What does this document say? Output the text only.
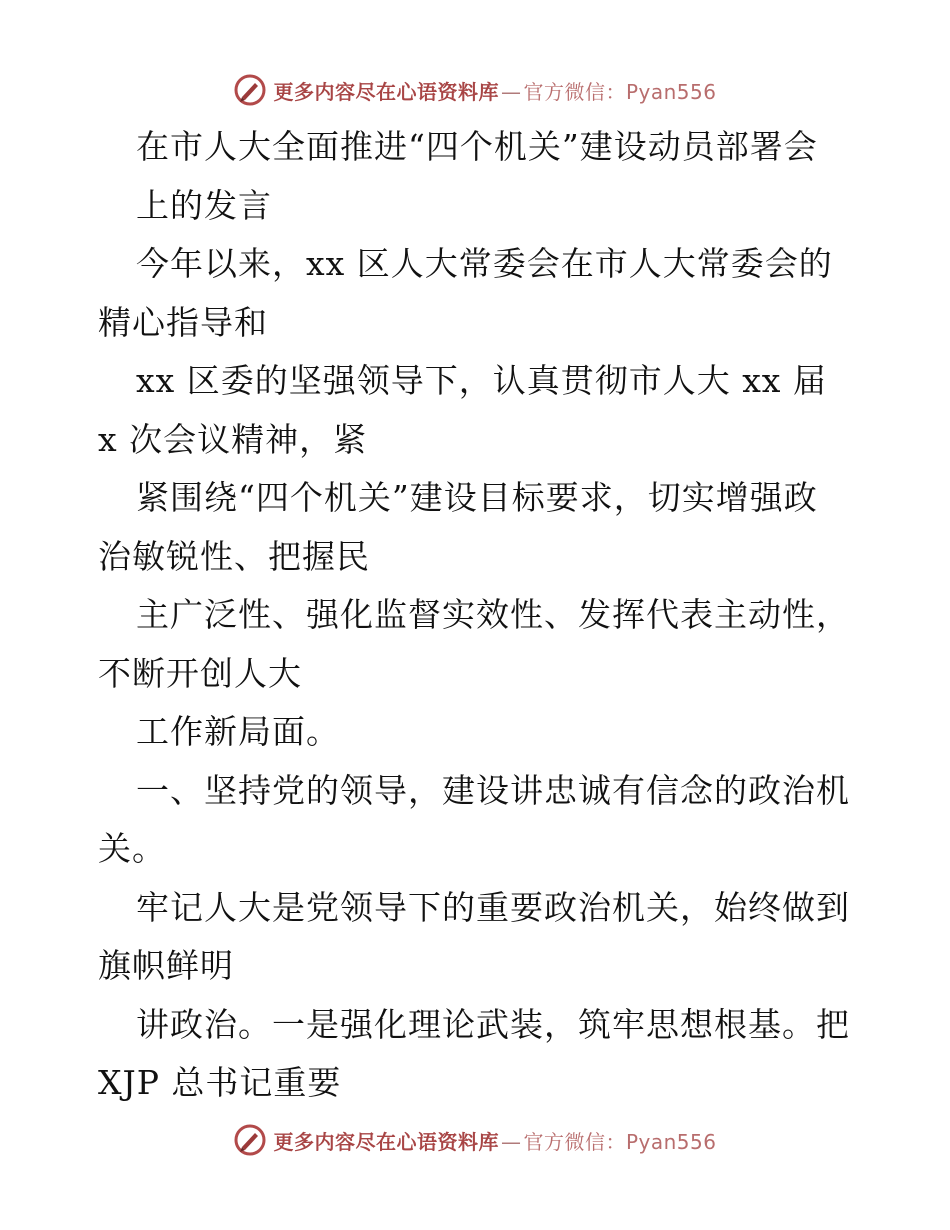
更多内容尽在心语资料库 — 官方微信：Pyan556
在市人大全面推进“四个机关”建设动员部署会
上的发言
今年以来，xx 区人大常委会在市人大常委会的
精心指导和
xx 区委的坚强领导下，认真贯彻市人大 xx 届
x 次会议精神，紧
紧围绕“四个机关”建设目标要求，切实增强政
治敏锐性、把握民
主广泛性、强化监督实效性、发挥代表主动性，
不断开创人大
工作新局面。
一、坚持党的领导，建设讲忠诚有信念的政治机
关。
牢记人大是党领导下的重要政治机关，始终做到
旗帜鲜明
讲政治。一是强化理论武装，筑牢思想根基。把
XJP 总书记重要
更多内容尽在心语资料库 — 官方微信：Pyan556
